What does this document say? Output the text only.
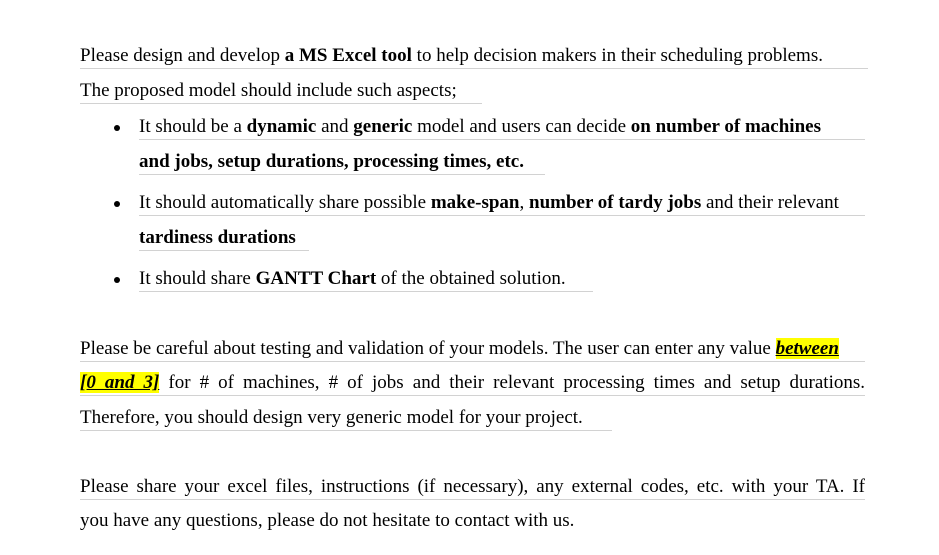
Please design and develop a MS Excel tool to help decision makers in their scheduling problems.
The proposed model should include such aspects;
It should be a dynamic and generic model and users can decide on number of machines
and jobs, setup durations, processing times, etc.
It should automatically share possible make-span, number of tardy jobs and their relevant
tardiness durations
It should share GANTT Chart of the obtained solution.
Please be careful about testing and validation of your models. The user can enter any value between
[0 and 3] for # of machines, # of jobs and their relevant processing times and setup durations.
Therefore, you should design very generic model for your project.
Please share your excel files, instructions (if necessary), any external codes, etc. with your TA. If
you have any questions, please do not hesitate to contact with us.
